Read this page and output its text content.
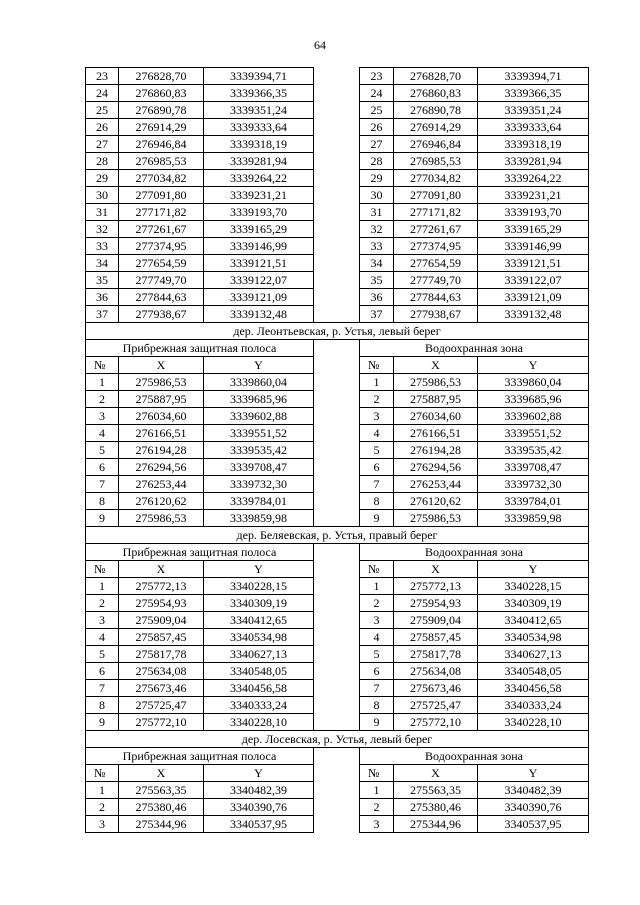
64
23	276828,70	3339394,71		23	276828,70	3339394,71
24	276860,83	3339366,35		24	276860,83	3339366,35
25	276890,78	3339351,24		25	276890,78	3339351,24
26	276914,29	3339333,64		26	276914,29	3339333,64
27	276946,84	3339318,19		27	276946,84	3339318,19
28	276985,53	3339281,94		28	276985,53	3339281,94
29	277034,82	3339264,22		29	277034,82	3339264,22
30	277091,80	3339231,21		30	277091,80	3339231,21
31	277171,82	3339193,70		31	277171,82	3339193,70
32	277261,67	3339165,29		32	277261,67	3339165,29
33	277374,95	3339146,99		33	277374,95	3339146,99
34	277654,59	3339121,51		34	277654,59	3339121,51
35	277749,70	3339122,07		35	277749,70	3339122,07
36	277844,63	3339121,09		36	277844,63	3339121,09
37	277938,67	3339132,48		37	277938,67	3339132,48
дер. Леонтьевская, р. Устья, левый берег						
Прибрежная защитная полоса				Водоохранная зона		
№	X	Y		№	X	Y
1	275986,53	3339860,04		1	275986,53	3339860,04
2	275887,95	3339685,96		2	275887,95	3339685,96
3	276034,60	3339602,88		3	276034,60	3339602,88
4	276166,51	3339551,52		4	276166,51	3339551,52
5	276194,28	3339535,42		5	276194,28	3339535,42
6	276294,56	3339708,47		6	276294,56	3339708,47
7	276253,44	3339732,30		7	276253,44	3339732,30
8	276120,62	3339784,01		8	276120,62	3339784,01
9	275986,53	3339859,98		9	275986,53	3339859,98
дер. Беляевская, р. Устья, правый берег						
Прибрежная защитная полоса				Водоохранная зона		
№	X	Y		№	X	Y
1	275772,13	3340228,15		1	275772,13	3340228,15
2	275954,93	3340309,19		2	275954,93	3340309,19
3	275909,04	3340412,65		3	275909,04	3340412,65
4	275857,45	3340534,98		4	275857,45	3340534,98
5	275817,78	3340627,13		5	275817,78	3340627,13
6	275634,08	3340548,05		6	275634,08	3340548,05
7	275673,46	3340456,58		7	275673,46	3340456,58
8	275725,47	3340333,24		8	275725,47	3340333,24
9	275772,10	3340228,10		9	275772,10	3340228,10
дер. Лосевская, р. Устья, левый берег						
Прибрежная защитная полоса				Водоохранная зона		
№	X	Y		№	X	Y
1	275563,35	3340482,39		1	275563,35	3340482,39
2	275380,46	3340390,76		2	275380,46	3340390,76
3	275344,96	3340537,95		3	275344,96	3340537,95
